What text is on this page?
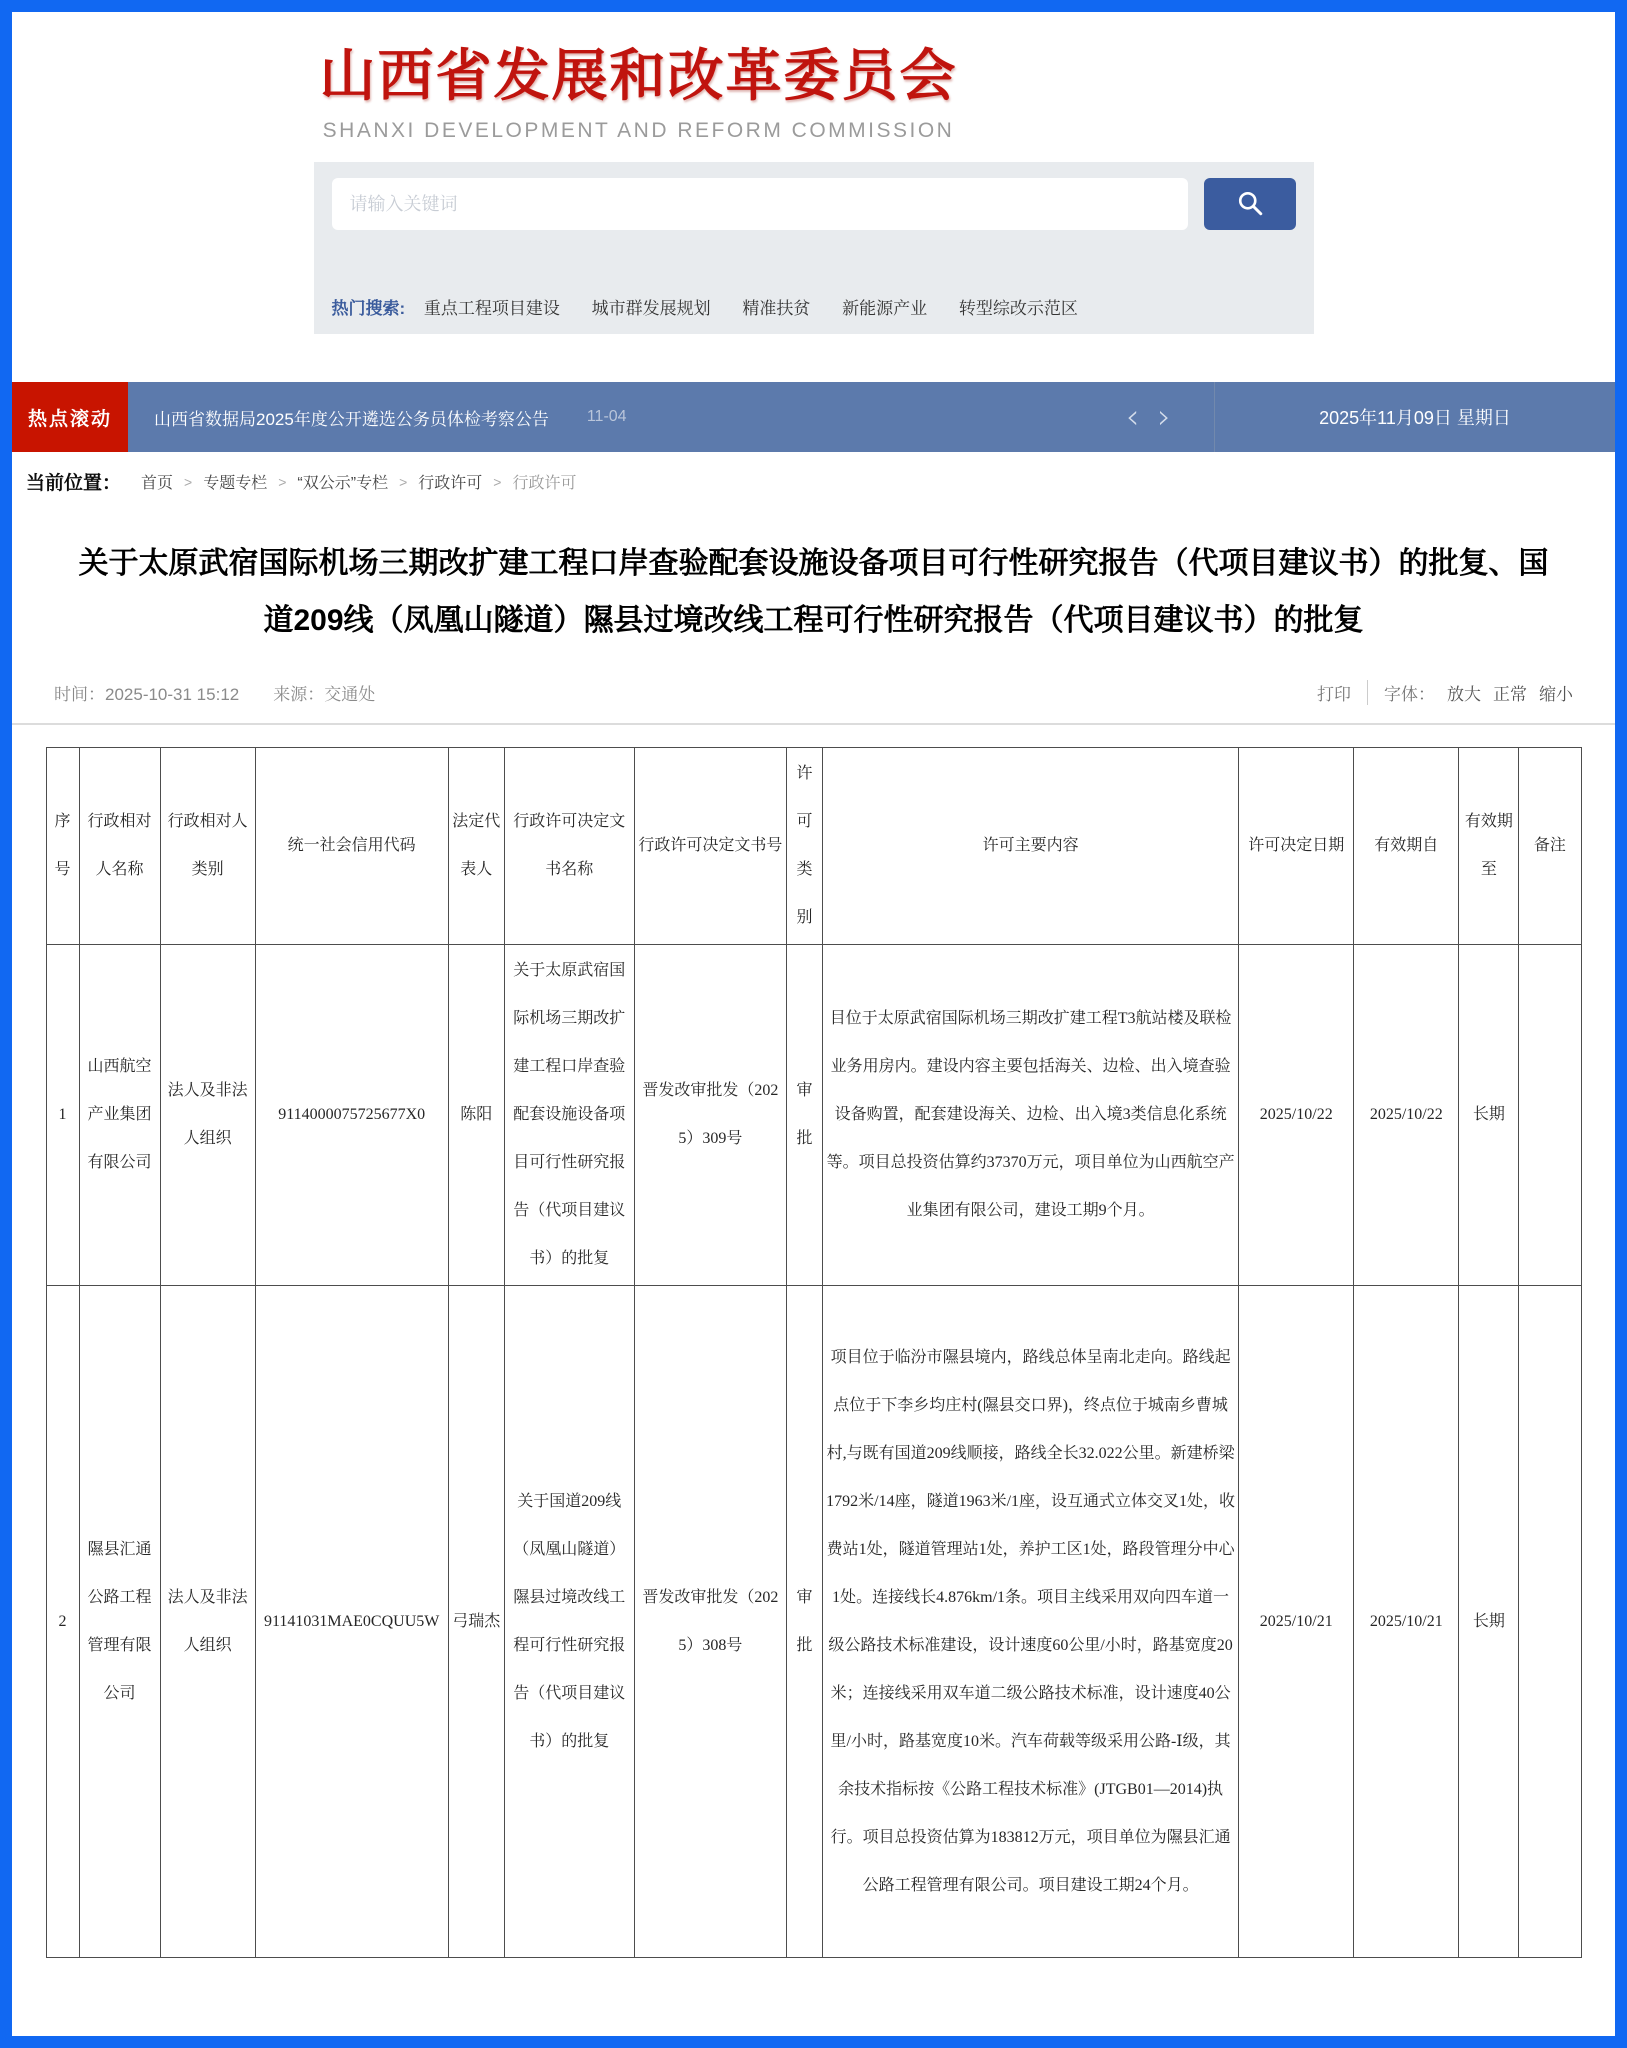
山西省发展和改革委员会
SHANXI DEVELOPMENT AND REFORM COMMISSION
请输入关键词
热门搜索: 重点工程项目建设 城市群发展规划 精准扶贫 新能源产业 转型综改示范区
热点滚动	山西省数据局2025年度公开遴选公务员体检考察公告 11-04	‹ ›	2025年11月09日 星期日
当前位置： 首页 > 专题专栏 > “双公示”专栏 > 行政许可 > 行政许可
关于太原武宿国际机场三期改扩建工程口岸查验配套设施设备项目可行性研究报告（代项目建议书）的批复、国道209线（凤凰山隧道）隰县过境改线工程可行性研究报告（代项目建议书）的批复
时间：2025-10-31 15:12 来源：交通处	打印 字体： 放大 正常 缩小
序号	行政相对人名称	行政相对人类别	统一社会信用代码	法定代表人	行政许可决定文书名称	行政许可决定文书号	许可类别	许可主要内容	许可决定日期	有效期自	有效期至	备注
1	山西航空产业集团有限公司	法人及非法人组织	9114000075725677X0	陈阳	关于太原武宿国际机场三期改扩建工程口岸查验配套设施设备项目可行性研究报告（代项目建议书）的批复	晋发改审批发（2025）309号	审批	目位于太原武宿国际机场三期改扩建工程T3航站楼及联检业务用房内。建设内容主要包括海关、边检、出入境查验设备购置，配套建设海关、边检、出入境3类信息化系统等。项目总投资估算约37370万元，项目单位为山西航空产业集团有限公司，建设工期9个月。	2025/10/22	2025/10/22	长期	
2	隰县汇通公路工程管理有限公司	法人及非法人组织	91141031MAE0CQUU5W	弓瑞杰	关于国道209线（凤凰山隧道）隰县过境改线工程可行性研究报告（代项目建议书）的批复	晋发改审批发（2025）308号	审批	项目位于临汾市隰县境内，路线总体呈南北走向。路线起点位于下李乡均庄村(隰县交口界)，终点位于城南乡曹城村,与既有国道209线顺接，路线全长32.022公里。新建桥梁1792米/14座，隧道1963米/1座，设互通式立体交叉1处，收费站1处，隧道管理站1处，养护工区1处，路段管理分中心1处。连接线长4.876km/1条。项目主线采用双向四车道一级公路技术标准建设，设计速度60公里/小时，路基宽度20米；连接线采用双车道二级公路技术标准，设计速度40公里/小时，路基宽度10米。汽车荷载等级采用公路-Ⅰ级，其余技术指标按《公路工程技术标准》(JTGB01—2014)执行。项目总投资估算为183812万元，项目单位为隰县汇通公路工程管理有限公司。项目建设工期24个月。	2025/10/21	2025/10/21	长期	
